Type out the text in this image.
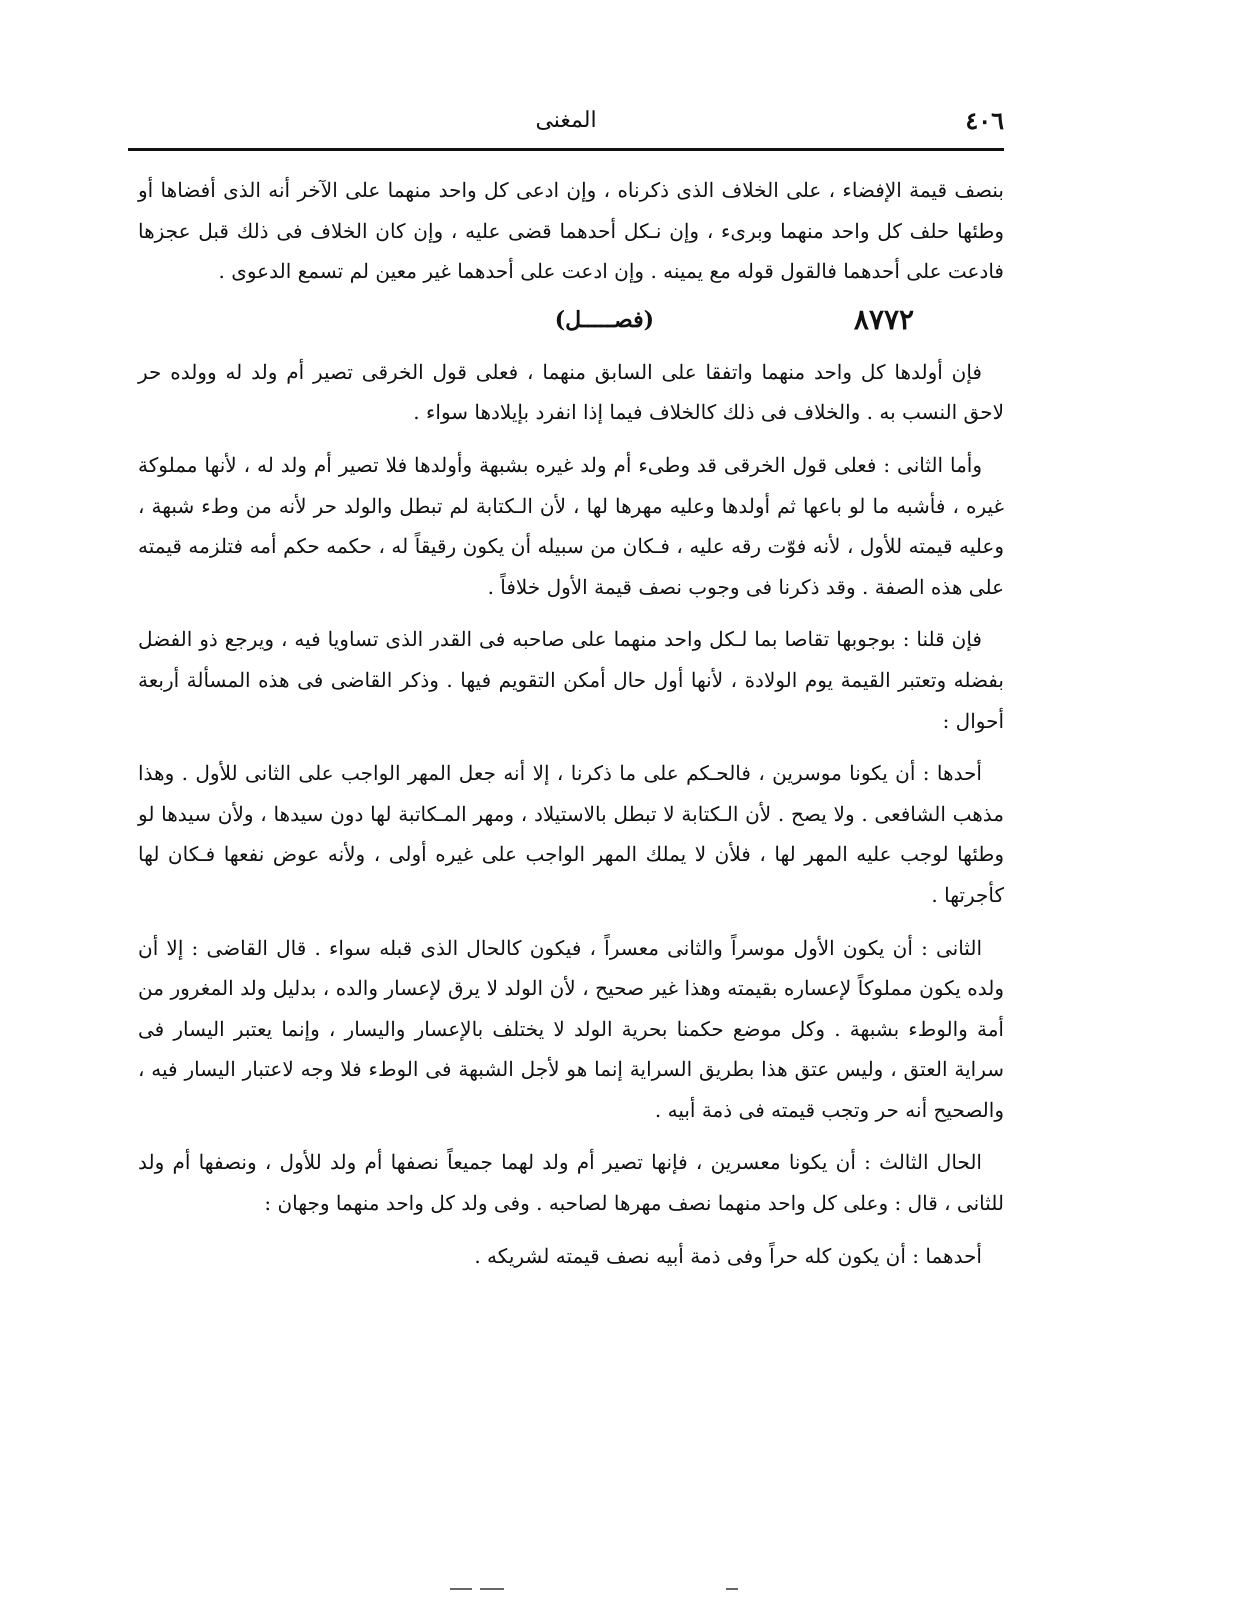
٤٠٦
المغنى

بنصف قيمة الإفضاء ، على الخلاف الذى ذكرناه ، وإن ادعى كل واحد منهما على الآخر أنه الذى أفضاها أو وطئها حلف كل واحد منهما وبرىء ، وإن نـكل أحدهما قضى عليه ، وإن كان الخلاف فى ذلك قبل عجزها فادعت على أحدهما فالقول قوله مع يمينه . وإن ادعت على أحدهما غير معين لم تسمع الدعوى .

٨٧٧٢
(فصـــــل)

فإن أولدها كل واحد منهما واتفقا على السابق منهما ، فعلى قول الخرقى تصير أم ولد له وولده حر لاحق النسب به . والخلاف فى ذلك كالخلاف فيما إذا انفرد بإيلادها سواء .

وأما الثانى : فعلى قول الخرقى قد وطىء أم ولد غيره بشبهة وأولدها فلا تصير أم ولد له ، لأنها مملوكة غيره ، فأشبه ما لو باعها ثم أولدها وعليه مهرها لها ، لأن الـكتابة لم تبطل والولد حر لأنه من وطء شبهة ، وعليه قيمته للأول ، لأنه فوّت رقه عليه ، فـكان من سبيله أن يكون رقيقاً له ، حكمه حكم أمه فتلزمه قيمته على هذه الصفة . وقد ذكرنا فى وجوب نصف قيمة الأول خلافاً .

فإن قلنا : بوجوبها تقاصا بما لـكل واحد منهما على صاحبه فى القدر الذى تساويا فيه ، ويرجع ذو الفضل بفضله وتعتبر القيمة يوم الولادة ، لأنها أول حال أمكن التقويم فيها . وذكر القاضى فى هذه المسألة أربعة أحوال :

أحدها : أن يكونا موسرين ، فالحـكم على ما ذكرنا ، إلا أنه جعل المهر الواجب على الثانى للأول . وهذا مذهب الشافعى . ولا يصح . لأن الـكتابة لا تبطل بالاستيلاد ، ومهر المـكاتبة لها دون سيدها ، ولأن سيدها لو وطئها لوجب عليه المهر لها ، فلأن لا يملك المهر الواجب على غيره أولى ، ولأنه عوض نفعها فـكان لها كأجرتها .

الثانى : أن يكون الأول موسراً والثانى معسراً ، فيكون كالحال الذى قبله سواء . قال القاضى : إلا أن ولده يكون مملوكاً لإعساره بقيمته وهذا غير صحيح ، لأن الولد لا يرق لإعسار والده ، بدليل ولد المغرور من أمة والوطء بشبهة . وكل موضع حكمنا بحرية الولد لا يختلف بالإعسار واليسار ، وإنما يعتبر اليسار فى سراية العتق ، وليس عتق هذا بطريق السراية إنما هو لأجل الشبهة فى الوطء فلا وجه لاعتبار اليسار فيه ، والصحيح أنه حر وتجب قيمته فى ذمة أبيه .

الحال الثالث : أن يكونا معسرين ، فإنها تصير أم ولد لهما جميعاً نصفها أم ولد للأول ، ونصفها أم ولد للثانى ، قال : وعلى كل واحد منهما نصف مهرها لصاحبه . وفى ولد كل واحد منهما وجهان :

أحدهما : أن يكون كله حراً وفى ذمة أبيه نصف قيمته لشريكه .
